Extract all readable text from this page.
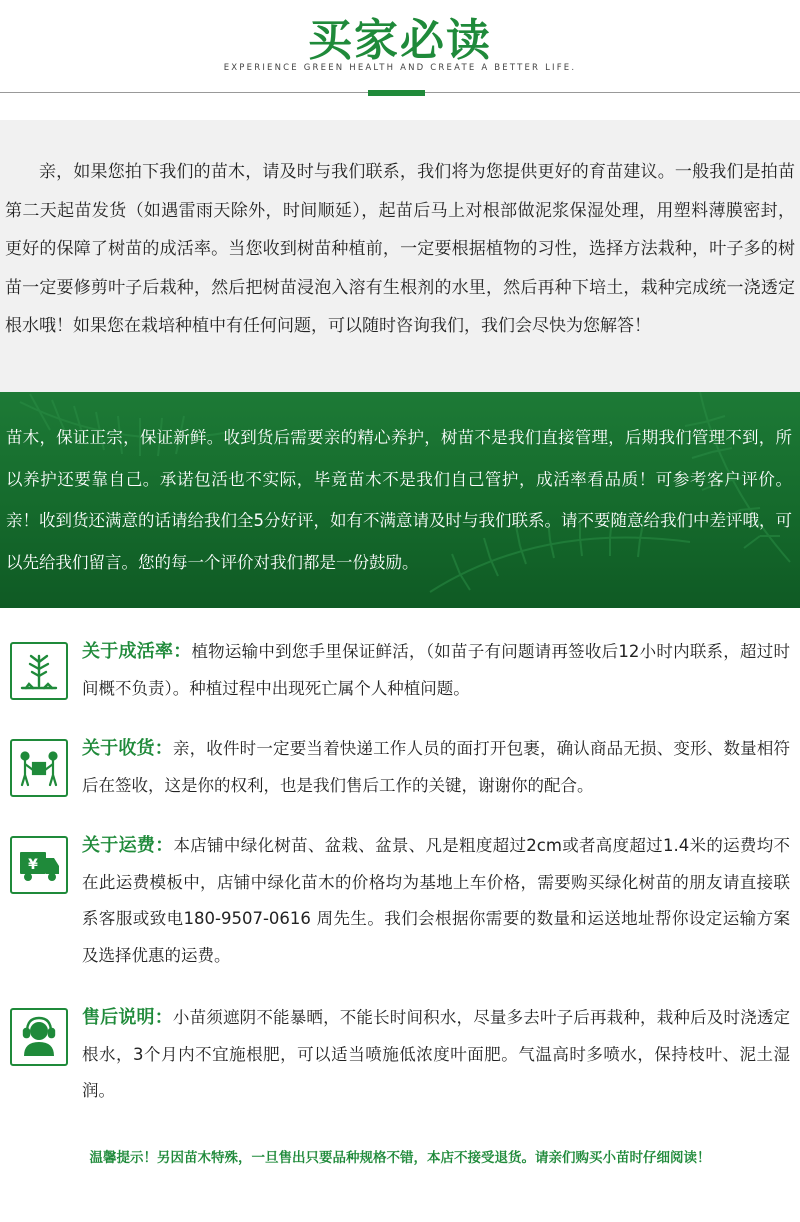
买家必读
EXPERIENCE GREEN HEALTH AND CREATE A BETTER LIFE.

亲，如果您拍下我们的苗木，请及时与我们联系，我们将为您提供更好的育苗建议。一般我们是拍苗第二天起苗发货（如遇雷雨天除外，时间顺延），起苗后马上对根部做泥浆保湿处理，用塑料薄膜密封，更好的保障了树苗的成活率。当您收到树苗种植前，一定要根据植物的习性，选择方法栽种，叶子多的树苗一定要修剪叶子后栽种，然后把树苗浸泡入溶有生根剂的水里，然后再种下培土，栽种完成统一浇透定根水哦！如果您在栽培种植中有任何问题，可以随时咨询我们，我们会尽快为您解答！

苗木，保证正宗，保证新鲜。收到货后需要亲的精心养护，树苗不是我们直接管理，后期我们管理不到，所以养护还要靠自己。承诺包活也不实际，毕竟苗木不是我们自己管护，成活率看品质！可参考客户评价。亲！收到货还满意的话请给我们全5分好评，如有不满意请及时与我们联系。请不要随意给我们中差评哦，可以先给我们留言。您的每一个评价对我们都是一份鼓励。

关于成活率：植物运输中到您手里保证鲜活，（如苗子有问题请再签收后12小时内联系，超过时间概不负责）。种植过程中出现死亡属个人种植问题。

关于收货：亲，收件时一定要当着快递工作人员的面打开包裹，确认商品无损、变形、数量相符后在签收，这是你的权利，也是我们售后工作的关键，谢谢你的配合。

¥

关于运费：本店铺中绿化树苗、盆栽、盆景、凡是粗度超过2cm或者高度超过1.4米的运费均不在此运费模板中，店铺中绿化苗木的价格均为基地上车价格，需要购买绿化树苗的朋友请直接联系客服或致电180-9507-0616 周先生。我们会根据你需要的数量和运送地址帮你设定运输方案及选择优惠的运费。

售后说明：小苗须遮阴不能暴晒，不能长时间积水，尽量多去叶子后再栽种，栽种后及时浇透定根水，3个月内不宜施根肥，可以适当喷施低浓度叶面肥。气温高时多喷水，保持枝叶、泥土湿润。

温馨提示！另因苗木特殊，一旦售出只要品种规格不错，本店不接受退货。请亲们购买小苗时仔细阅读！
